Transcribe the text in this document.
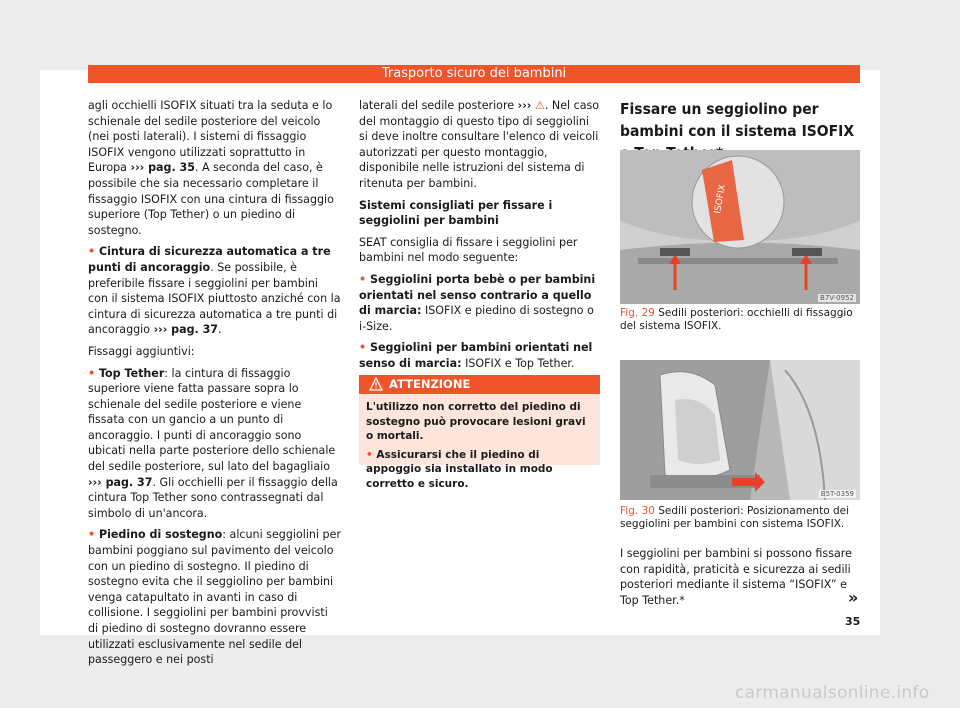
Trasporto sicuro dei bambini

agli occhielli ISOFIX situati tra la seduta e lo schienale del sedile posteriore del veicolo (nei posti laterali). I sistemi di fissaggio ISOFIX vengono utilizzati soprattutto in Europa ››› pag. 35. A seconda del caso, è possibile che sia necessario completare il fissaggio ISOFIX con una cintura di fissaggio superiore (Top Tether) o un piedino di sostegno.

• Cintura di sicurezza automatica a tre punti di ancoraggio. Se possibile, è preferibile fissare i seggiolini per bambini con il sistema ISOFIX piuttosto anziché con la cintura di sicurezza automatica a tre punti di ancoraggio ››› pag. 37.

Fissaggi aggiuntivi:

• Top Tether: la cintura di fissaggio superiore viene fatta passare sopra lo schienale del sedile posteriore e viene fissata con un gancio a un punto di ancoraggio. I punti di ancoraggio sono ubicati nella parte posteriore dello schienale del sedile posteriore, sul lato del bagagliaio ››› pag. 37. Gli occhielli per il fissaggio della cintura Top Tether sono contrassegnati dal simbolo di un'ancora.

• Piedino di sostegno: alcuni seggiolini per bambini poggiano sul pavimento del veicolo con un piedino di sostegno. Il piedino di sostegno evita che il seggiolino per bambini venga catapultato in avanti in caso di collisione. I seggiolini per bambini provvisti di piedino di sostegno dovranno essere utilizzati esclusivamente nel sedile del passeggero e nei posti

laterali del sedile posteriore ››› ⚠. Nel caso del montaggio di questo tipo di seggiolini si deve inoltre consultare l'elenco di veicoli autorizzati per questo montaggio, disponibile nelle istruzioni del sistema di ritenuta per bambini.

Sistemi consigliati per fissare i seggiolini per bambini

SEAT consiglia di fissare i seggiolini per bambini nel modo seguente:

• Seggiolini porta bebè o per bambini orientati nel senso contrario a quello di marcia: ISOFIX e piedino di sostegno o i-Size.

• Seggiolini per bambini orientati nel senso di marcia: ISOFIX e Top Tether.

ATTENZIONE

L'utilizzo non corretto del piedino di sostegno può provocare lesioni gravi o mortali.

• Assicurarsi che il piedino di appoggio sia installato in modo corretto e sicuro.

Fissare un seggiolino per bambini con il sistema ISOFIX
ISOFIX
B7V-0952
Fig. 29 Sedili posteriori: occhielli di fissaggio del sistema ISOFIX.
B5T-0359
Fig. 30 Sedili posteriori: Posizionamento dei seggiolini per bambini con sistema ISOFIX.
I seggiolini per bambini si possono fissare con rapidità, praticità e sicurezza ai sedili posteriori mediante il sistema “ISOFIX” e Top Tether.*	»
35
carmanualsonline.info
